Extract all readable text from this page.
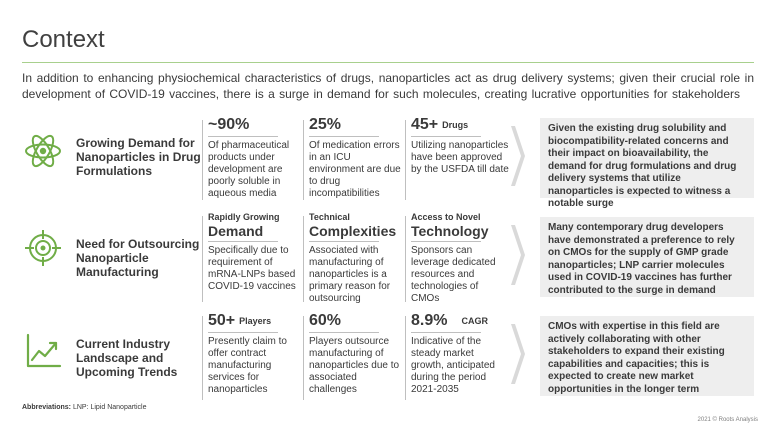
Context
In addition to enhancing physiochemical characteristics of drugs, nanoparticles act as drug delivery systems; given their crucial role in development of COVID-19 vaccines, there is a surge in demand for such molecules, creating lucrative opportunities for stakeholders
Growing Demand for Nanoparticles in Drug Formulations
~90%
Of pharmaceutical products under development are poorly soluble in aqueous media
25%
Of medication errors in an ICU environment are due to drug incompatibilities
45+ Drugs
Utilizing nanoparticles have been approved by the USFDA till date
Given the existing drug solubility and biocompatibility-related concerns and their impact on bioavailability, the demand for drug formulations and drug delivery systems that utilize nanoparticles is expected to witness a notable surge
Need for Outsourcing Nanoparticle Manufacturing
Rapidly Growing
Demand
Specifically due to requirement of mRNA-LNPs based COVID-19 vaccines
Technical
Complexities
Associated with manufacturing of nanoparticles is a primary reason for outsourcing
Access to Novel
Technology
Sponsors can leverage dedicated resources and technologies of CMOs
Many contemporary drug developers have demonstrated a preference to rely on CMOs for the supply of GMP grade nanoparticles; LNP carrier molecules used in COVID-19 vaccines has further contributed to the surge in demand
Current Industry Landscape and Upcoming Trends
50+ Players
Presently claim to offer contract manufacturing services for nanoparticles
60%
Players outsource manufacturing of nanoparticles due to associated challenges
8.9% CAGR
Indicative of the steady market growth, anticipated during the period 2021-2035
CMOs with expertise in this field are actively collaborating with other stakeholders to expand their existing capabilities and capacities; this is expected to create new market opportunities in the longer term
Abbreviations: LNP: Lipid Nanoparticle
2021 © Roots Analysis
